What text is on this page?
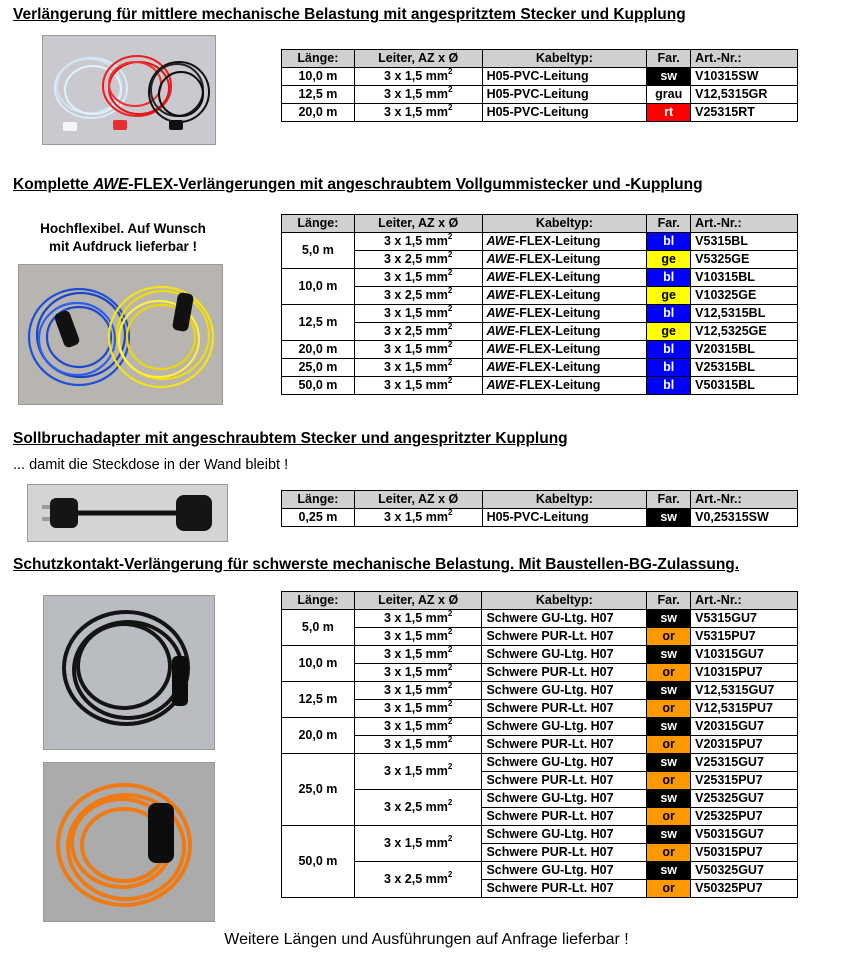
Verlängerung für mittlere mechanische Belastung mit angespritztem Stecker und Kupplung
Länge:	Leiter, AZ x Ø	Kabeltyp:	Far.	Art.-Nr.:
10,0 m	3 x 1,5 $mm^2$	H05-PVC-Leitung	sw	V10315SW
12,5 m	3 x 1,5 $mm^2$	H05-PVC-Leitung	grau	V12,5315GR
20,0 m	3 x 1,5 $mm^2$	H05-PVC-Leitung	rt	V25315RT
Komplette AWE-FLEX-Verlängerungen mit angeschraubtem Vollgummistecker und -Kupplung
Hochflexibel. Auf Wunsch
mit Aufdruck lieferbar !
Länge:	Leiter, AZ x Ø	Kabeltyp:	Far.	Art.-Nr.:
5,0 m	3 x 1,5 $mm^2$	AWE-FLEX-Leitung	bl	V5315BL
	3 x 2,5 $mm^2$	AWE-FLEX-Leitung	ge	V5325GE
10,0 m	3 x 1,5 $mm^2$	AWE-FLEX-Leitung	bl	V10315BL
	3 x 2,5 $mm^2$	AWE-FLEX-Leitung	ge	V10325GE
12,5 m	3 x 1,5 $mm^2$	AWE-FLEX-Leitung	bl	V12,5315BL
	3 x 2,5 $mm^2$	AWE-FLEX-Leitung	ge	V12,5325GE
20,0 m	3 x 1,5 $mm^2$	AWE-FLEX-Leitung	bl	V20315BL
25,0 m	3 x 1,5 $mm^2$	AWE-FLEX-Leitung	bl	V25315BL
50,0 m	3 x 1,5 $mm^2$	AWE-FLEX-Leitung	bl	V50315BL
Sollbruchadapter mit angeschraubtem Stecker und angespritzter Kupplung
... damit die Steckdose in der Wand bleibt !
Länge:	Leiter, AZ x Ø	Kabeltyp:	Far.	Art.-Nr.:
0,25 m	3 x 1,5 $mm^2$	H05-PVC-Leitung	sw	V0,25315SW
Schutzkontakt-Verlängerung für schwerste mechanische Belastung. Mit Baustellen-BG-Zulassung.
Länge:	Leiter, AZ x Ø	Kabeltyp:	Far.	Art.-Nr.:
5,0 m	3 x 1,5 $mm^2$	Schwere GU-Ltg. H07	sw	V5315GU7
	3 x 1,5 $mm^2$	Schwere PUR-Lt. H07	or	V5315PU7
10,0 m	3 x 1,5 $mm^2$	Schwere GU-Ltg. H07	sw	V10315GU7
	3 x 1,5 $mm^2$	Schwere PUR-Lt. H07	or	V10315PU7
12,5 m	3 x 1,5 $mm^2$	Schwere GU-Ltg. H07	sw	V12,5315GU7
	3 x 1,5 $mm^2$	Schwere PUR-Lt. H07	or	V12,5315PU7
20,0 m	3 x 1,5 $mm^2$	Schwere GU-Ltg. H07	sw	V20315GU7
	3 x 1,5 $mm^2$	Schwere PUR-Lt. H07	or	V20315PU7
25,0 m	3 x 1,5 $mm^2$	Schwere GU-Ltg. H07	sw	V25315GU7
		Schwere PUR-Lt. H07	or	V25315PU7
	3 x 2,5 $mm^2$	Schwere GU-Ltg. H07	sw	V25325GU7
		Schwere PUR-Lt. H07	or	V25325PU7
50,0 m	3 x 1,5 $mm^2$	Schwere GU-Ltg. H07	sw	V50315GU7
		Schwere PUR-Lt. H07	or	V50315PU7
	3 x 2,5 $mm^2$	Schwere GU-Ltg. H07	sw	V50325GU7
		Schwere PUR-Lt. H07	or	V50325PU7
Weitere Längen und Ausführungen auf Anfrage lieferbar !
